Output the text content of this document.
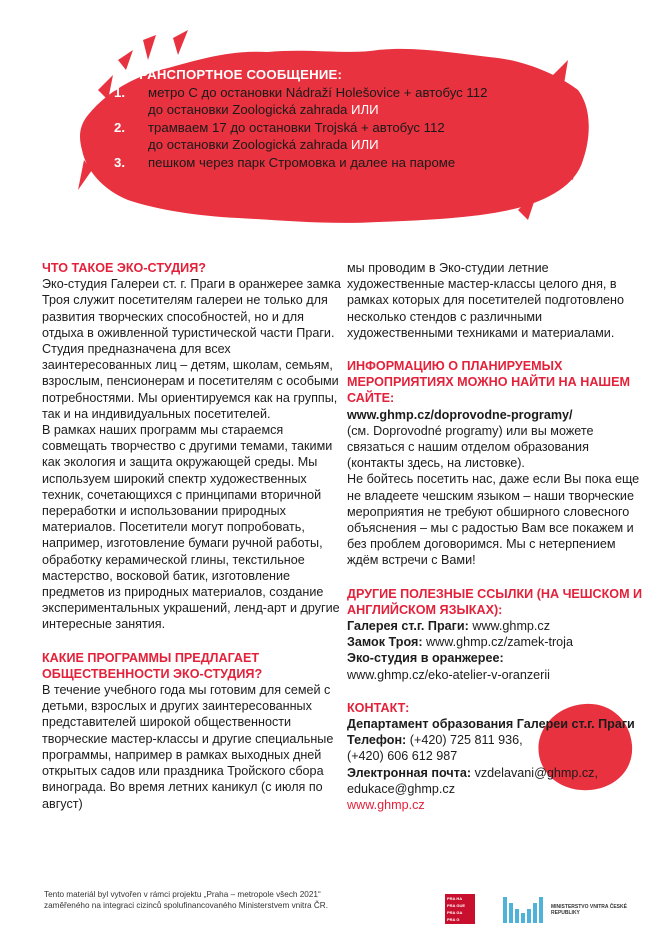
ТРАНСПОРТНОЕ СООБЩЕНИЕ:
1. метро С до остановки Nádraží Holešovice + автобус 112
до остановки Zoologická zahrada ИЛИ
2. трамваем 17 до остановки Trojská + автобус 112
до остановки Zoologická zahrada ИЛИ
3. пешком через парк Стромовка и далее на пароме
ЧТО ТАКОЕ ЭКО-СТУДИЯ?

Эко-студия Галереи ст. г. Праги в оранжерее замка Троя служит посетителям галереи не только для развития творческих способностей, но и для отдыха в оживленной туристической части Праги. Студия предназначена для всех заинтересованных лиц – детям, школам, семьям, взрослым, пенсионерам и посетителям с особыми потребностями. Мы ориентируемся как на группы, так и на индивидуальных посетителей.

В рамках наших программ мы стараемся совмещать творчество с другими темами, такими как экология и защита окружающей среды. Мы используем широкий спектр художественных техник, сочетающихся с принципами вторичной переработки и использовании природных материалов. Посетители могут попробовать, например, изготовление бумаги ручной работы, обработку керамической глины, текстильное мастерство, восковой батик, изготовление предметов из природных материалов, создание экспериментальных украшений, ленд-арт и другие интересные занятия.

КАКИЕ ПРОГРАММЫ ПРЕДЛАГАЕТ ОБЩЕСТВЕННОСТИ ЭКО-СТУДИЯ?

В течение учебного года мы готовим для семей с детьми, взрослых и других заинтересованных представителей широкой общественности творческие мастер-классы и другие специальные программы, например в рамках выходных дней открытых садов или праздника Тройского сбора винограда. Во время летних каникул (с июля по август)

мы проводим в Эко-студии летние художественные мастер-классы целого дня, в рамках которых для посетителей подготовлено несколько стендов с различными художественными техниками и материалами.

ИНФОРМАЦИЮ О ПЛАНИРУЕМЫХ МЕРОПРИЯТИЯХ МОЖНО НАЙТИ НА НАШЕМ САЙТЕ:
www.ghmp.cz/doprovodne-programy/

(см. Doprovodné programy) или вы можете связаться с нашим отделом образования (контакты здесь, на листовке).

Не бойтесь посетить нас, даже если Вы пока еще не владеете чешским языком – наши творческие мероприятия не требуют обширного словесного объяснения – мы с радостью Вам все покажем и без проблем договоримся. Мы с нетерпением ждём встречи с Вами!

ДРУГИЕ ПОЛЕЗНЫЕ ССЫЛКИ (НА ЧЕШСКОМ И АНГЛИЙСКОМ ЯЗЫКАХ):
Галерея ст.г. Праги: www.ghmp.cz
Замок Троя: www.ghmp.cz/zamek-troja
Эко-студия в оранжерее:
www.ghmp.cz/eko-atelier-v-oranzerii
КОНТАКТ:
Департамент образования Галереи ст.г. Праги
Телефон: (+420) 725 811 936,
(+420) 606 612 987
Электронная почта: vzdelavani@ghmp.cz,
edukace@ghmp.cz
www.ghmp.cz
Tento materiál byl vytvořen v rámci projektu „Praha – metropole všech 2021“ zaměřeného na integraci cizinců spolufinancovaného Ministerstvem vnitra ČR.
PRA HA
PRA GUE
PRA GA
PRA G
MINISTERSTVO VNITRA ČESKÉ REPUBLIKY
